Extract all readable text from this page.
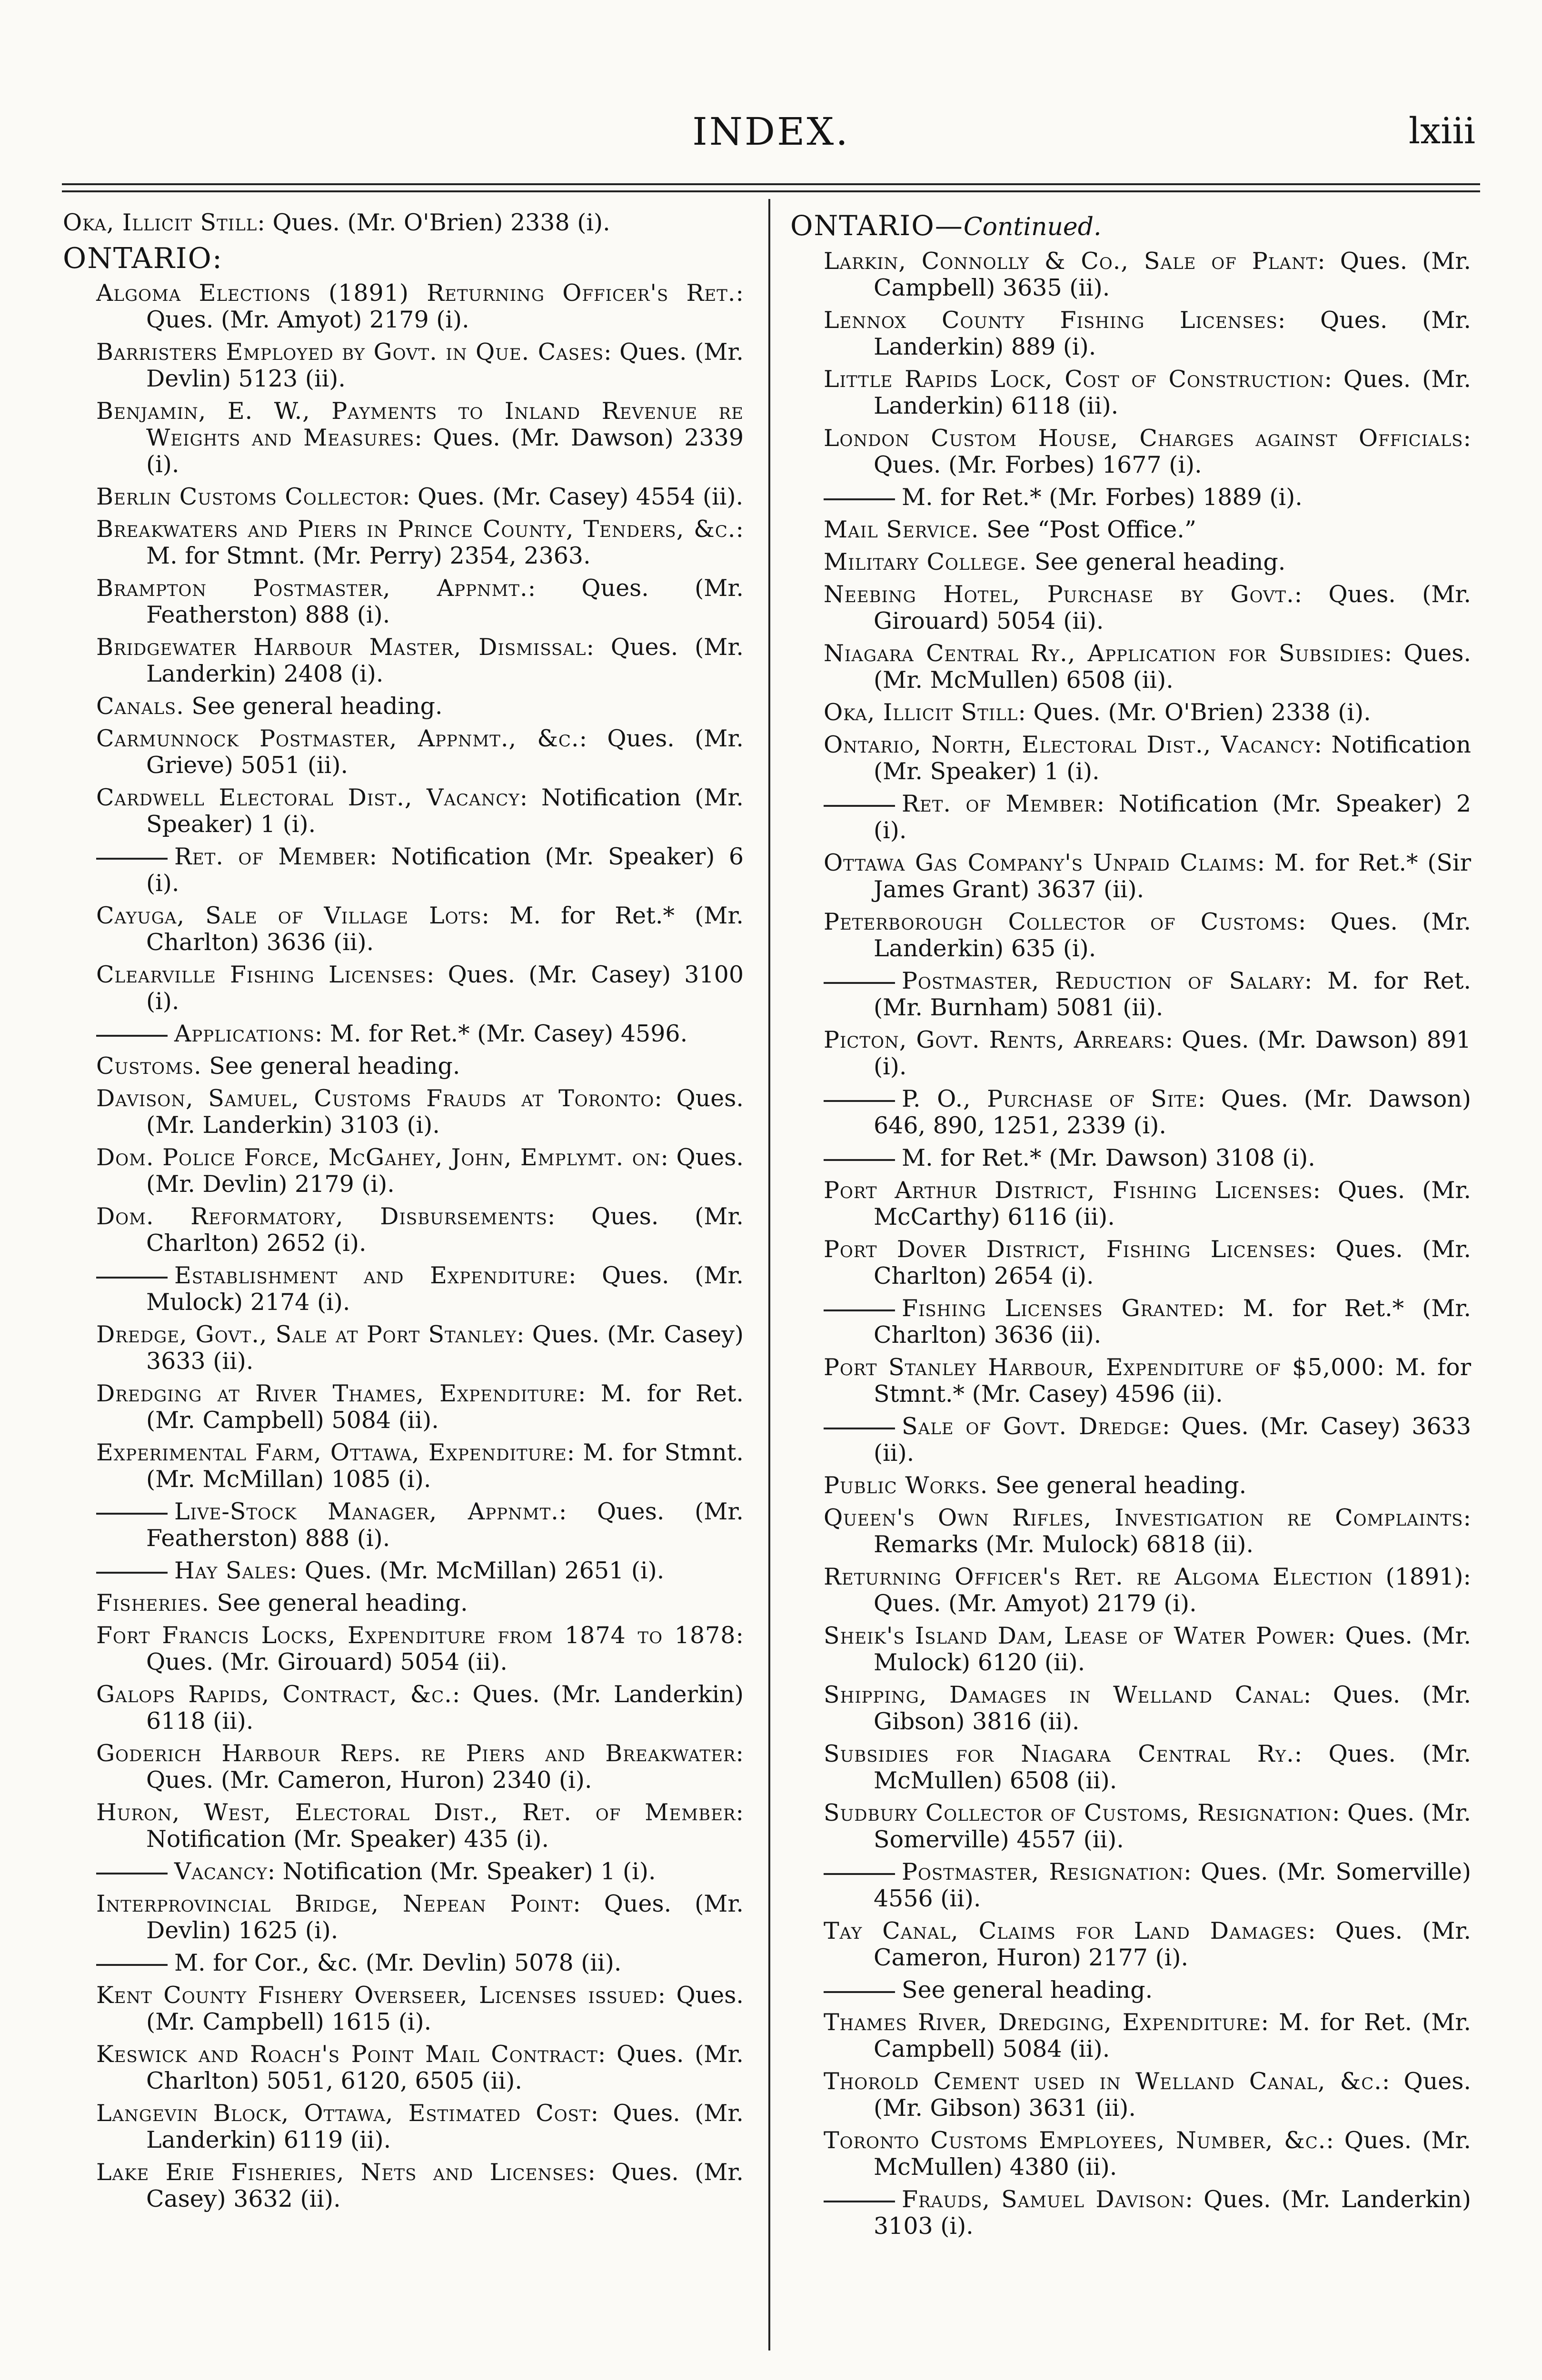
INDEX.	lxiii
Oka, Illicit Still: Ques. (Mr. O'Brien) 2338 (i).
ONTARIO:
Algoma Elections (1891) Returning Officer's Ret.: Ques. (Mr. Amyot) 2179 (i).
Barristers Employed by Govt. in Que. Cases: Ques. (Mr. Devlin) 5123 (ii).
Benjamin, E. W., Payments to Inland Revenue re Weights and Measures: Ques. (Mr. Dawson) 2339 (i).
Berlin Customs Collector: Ques. (Mr. Casey) 4554 (ii).
Breakwaters and Piers in Prince County, Tenders, &c.: M. for Stmnt. (Mr. Perry) 2354, 2363.
Brampton Postmaster, Appnmt.: Ques. (Mr. Featherston) 888 (i).
Bridgewater Harbour Master, Dismissal: Ques. (Mr. Landerkin) 2408 (i).
Canals. See general heading.
Carmunnock Postmaster, Appnmt., &c.: Ques. (Mr. Grieve) 5051 (ii).
Cardwell Electoral Dist., Vacancy: Notification (Mr. Speaker) 1 (i).
Ret. of Member: Notification (Mr. Speaker) 6 (i).
Cayuga, Sale of Village Lots: M. for Ret.* (Mr. Charlton) 3636 (ii).
Clearville Fishing Licenses: Ques. (Mr. Casey) 3100 (i).
Applications: M. for Ret.* (Mr. Casey) 4596.
Customs. See general heading.
Davison, Samuel, Customs Frauds at Toronto: Ques. (Mr. Landerkin) 3103 (i).
Dom. Police Force, McGahey, John, Emplymt. on: Ques. (Mr. Devlin) 2179 (i).
Dom. Reformatory, Disbursements: Ques. (Mr. Charlton) 2652 (i).
Establishment and Expenditure: Ques. (Mr. Mulock) 2174 (i).
Dredge, Govt., Sale at Port Stanley: Ques. (Mr. Casey) 3633 (ii).
Dredging at River Thames, Expenditure: M. for Ret. (Mr. Campbell) 5084 (ii).
Experimental Farm, Ottawa, Expenditure: M. for Stmnt. (Mr. McMillan) 1085 (i).
Live-Stock Manager, Appnmt.: Ques. (Mr. Featherston) 888 (i).
Hay Sales: Ques. (Mr. McMillan) 2651 (i).
Fisheries. See general heading.
Fort Francis Locks, Expenditure from 1874 to 1878: Ques. (Mr. Girouard) 5054 (ii).
Galops Rapids, Contract, &c.: Ques. (Mr. Landerkin) 6118 (ii).
Goderich Harbour Reps. re Piers and Breakwater: Ques. (Mr. Cameron, Huron) 2340 (i).
Huron, West, Electoral Dist., Ret. of Member: Notification (Mr. Speaker) 435 (i).
Vacancy: Notification (Mr. Speaker) 1 (i).
Interprovincial Bridge, Nepean Point: Ques. (Mr. Devlin) 1625 (i).
M. for Cor., &c. (Mr. Devlin) 5078 (ii).
Kent County Fishery Overseer, Licenses issued: Ques. (Mr. Campbell) 1615 (i).
Keswick and Roach's Point Mail Contract: Ques. (Mr. Charlton) 5051, 6120, 6505 (ii).
Langevin Block, Ottawa, Estimated Cost: Ques. (Mr. Landerkin) 6119 (ii).
Lake Erie Fisheries, Nets and Licenses: Ques. (Mr. Casey) 3632 (ii).
ONTARIO—Continued.
Larkin, Connolly & Co., Sale of Plant: Ques. (Mr. Campbell) 3635 (ii).
Lennox County Fishing Licenses: Ques. (Mr. Landerkin) 889 (i).
Little Rapids Lock, Cost of Construction: Ques. (Mr. Landerkin) 6118 (ii).
London Custom House, Charges against Officials: Ques. (Mr. Forbes) 1677 (i).
M. for Ret.* (Mr. Forbes) 1889 (i).
Mail Service. See “Post Office.”
Military College. See general heading.
Neebing Hotel, Purchase by Govt.: Ques. (Mr. Girouard) 5054 (ii).
Niagara Central Ry., Application for Subsidies: Ques. (Mr. McMullen) 6508 (ii).
Oka, Illicit Still: Ques. (Mr. O'Brien) 2338 (i).
Ontario, North, Electoral Dist., Vacancy: Notification (Mr. Speaker) 1 (i).
Ret. of Member: Notification (Mr. Speaker) 2 (i).
Ottawa Gas Company's Unpaid Claims: M. for Ret.* (Sir James Grant) 3637 (ii).
Peterborough Collector of Customs: Ques. (Mr. Landerkin) 635 (i).
Postmaster, Reduction of Salary: M. for Ret. (Mr. Burnham) 5081 (ii).
Picton, Govt. Rents, Arrears: Ques. (Mr. Dawson) 891 (i).
P. O., Purchase of Site: Ques. (Mr. Dawson) 646, 890, 1251, 2339 (i).
M. for Ret.* (Mr. Dawson) 3108 (i).
Port Arthur District, Fishing Licenses: Ques. (Mr. McCarthy) 6116 (ii).
Port Dover District, Fishing Licenses: Ques. (Mr. Charlton) 2654 (i).
Fishing Licenses Granted: M. for Ret.* (Mr. Charlton) 3636 (ii).
Port Stanley Harbour, Expenditure of $5,000: M. for Stmnt.* (Mr. Casey) 4596 (ii).
Sale of Govt. Dredge: Ques. (Mr. Casey) 3633 (ii).
Public Works. See general heading.
Queen's Own Rifles, Investigation re Complaints: Remarks (Mr. Mulock) 6818 (ii).
Returning Officer's Ret. re Algoma Election (1891): Ques. (Mr. Amyot) 2179 (i).
Sheik's Island Dam, Lease of Water Power: Ques. (Mr. Mulock) 6120 (ii).
Shipping, Damages in Welland Canal: Ques. (Mr. Gibson) 3816 (ii).
Subsidies for Niagara Central Ry.: Ques. (Mr. McMullen) 6508 (ii).
Sudbury Collector of Customs, Resignation: Ques. (Mr. Somerville) 4557 (ii).
Postmaster, Resignation: Ques. (Mr. Somerville) 4556 (ii).
Tay Canal, Claims for Land Damages: Ques. (Mr. Cameron, Huron) 2177 (i).
See general heading.
Thames River, Dredging, Expenditure: M. for Ret. (Mr. Campbell) 5084 (ii).
Thorold Cement used in Welland Canal, &c.: Ques. (Mr. Gibson) 3631 (ii).
Toronto Customs Employees, Number, &c.: Ques. (Mr. McMullen) 4380 (ii).
Frauds, Samuel Davison: Ques. (Mr. Landerkin) 3103 (i).
